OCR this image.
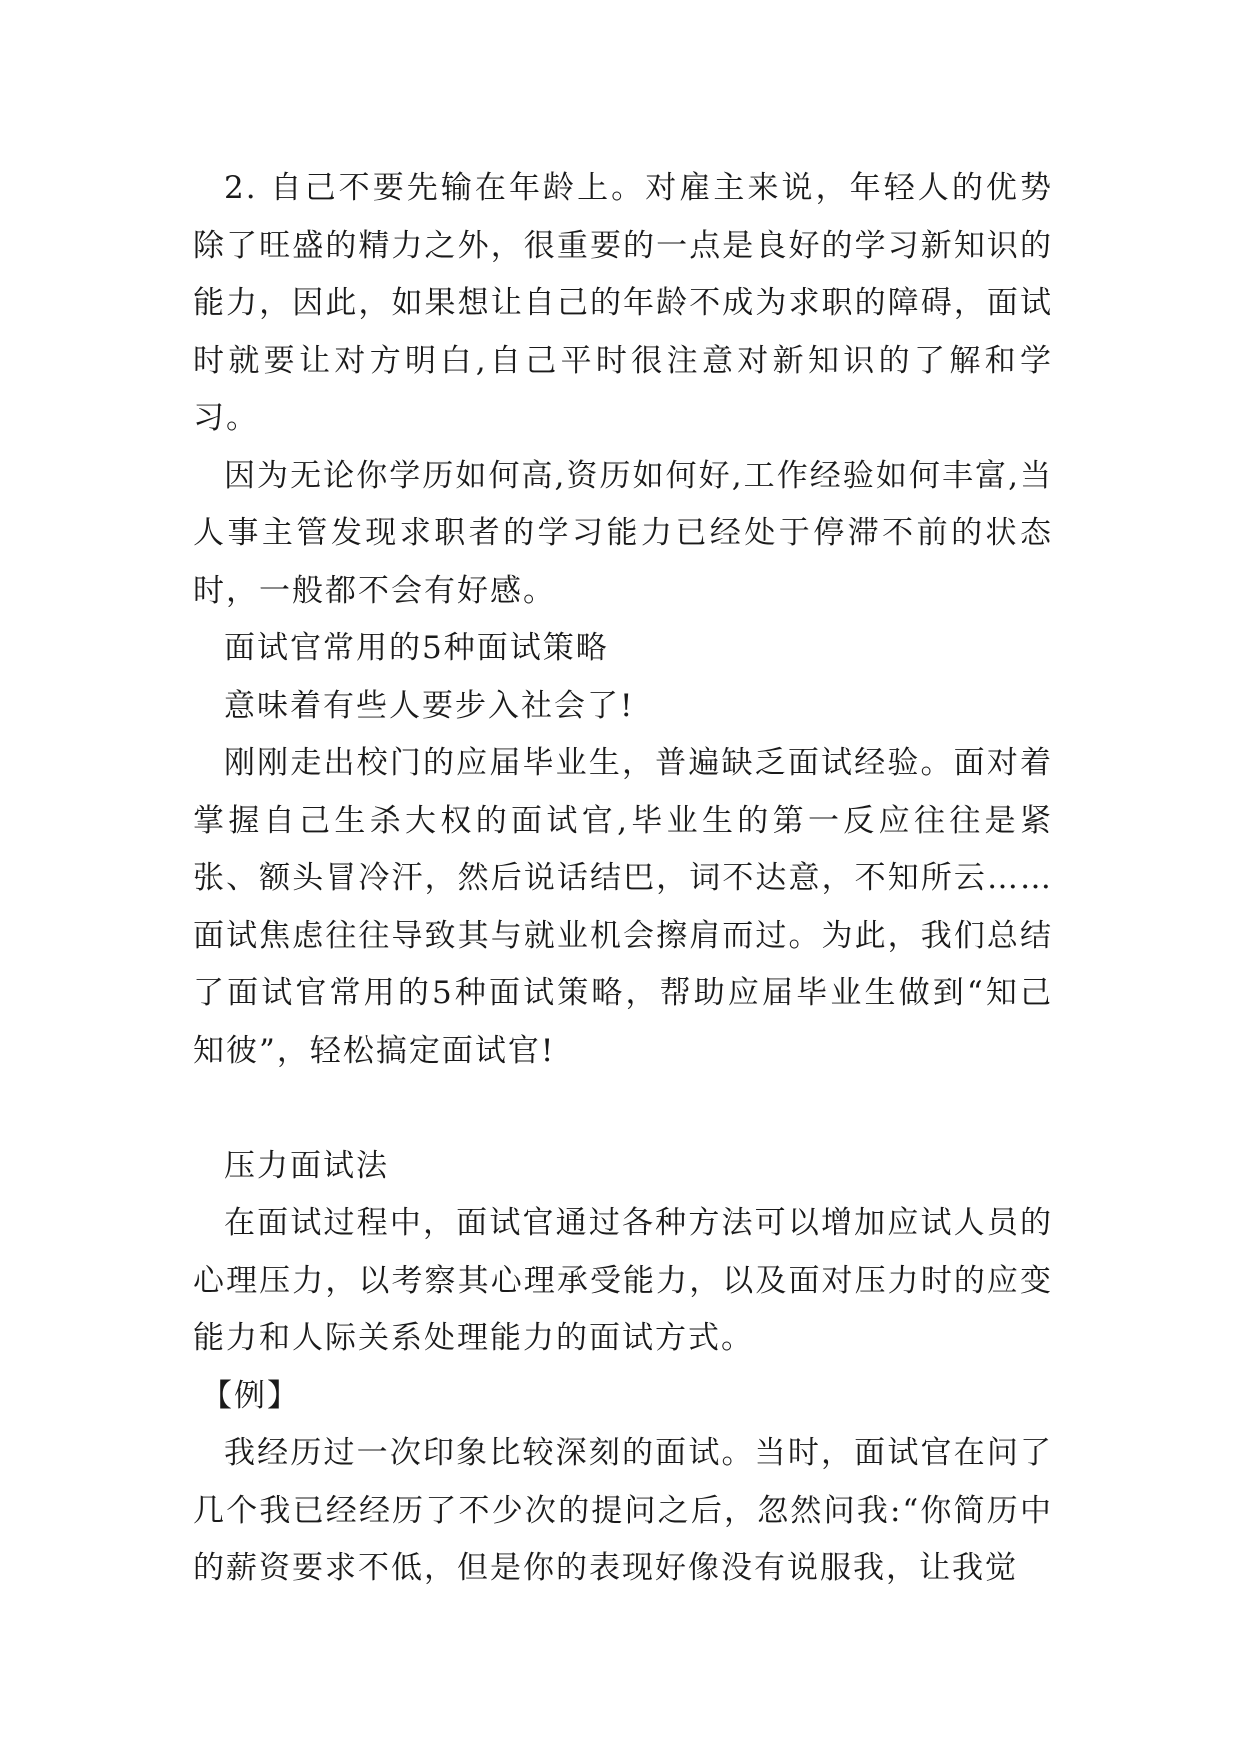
2. 自己不要先输在年龄上。对雇主来说，年轻人的优势除了旺盛的精力之外，很重要的一点是良好的学习新知识的能力，因此，如果想让自己的年龄不成为求职的障碍，面试时就要让对方明白,自己平时很注意对新知识的了解和学习。

因为无论你学历如何高,资历如何好,工作经验如何丰富,当人事主管发现求职者的学习能力已经处于停滞不前的状态时，一般都不会有好感。

面试官常用的5种面试策略

意味着有些人要步入社会了!

刚刚走出校门的应届毕业生，普遍缺乏面试经验。面对着掌握自己生杀大权的面试官,毕业生的第一反应往往是紧张、额头冒冷汗，然后说话结巴，词不达意，不知所云……面试焦虑往往导致其与就业机会擦肩而过。为此，我们总结了面试官常用的5种面试策略，帮助应届毕业生做到“知己知彼”，轻松搞定面试官!

压力面试法

在面试过程中，面试官通过各种方法可以增加应试人员的心理压力，以考察其心理承受能力，以及面对压力时的应变能力和人际关系处理能力的面试方式。

【例】

我经历过一次印象比较深刻的面试。当时，面试官在问了几个我已经经历了不少次的提问之后，忽然问我:“你简历中的薪资要求不低，但是你的表现好像没有说服我，让我觉
